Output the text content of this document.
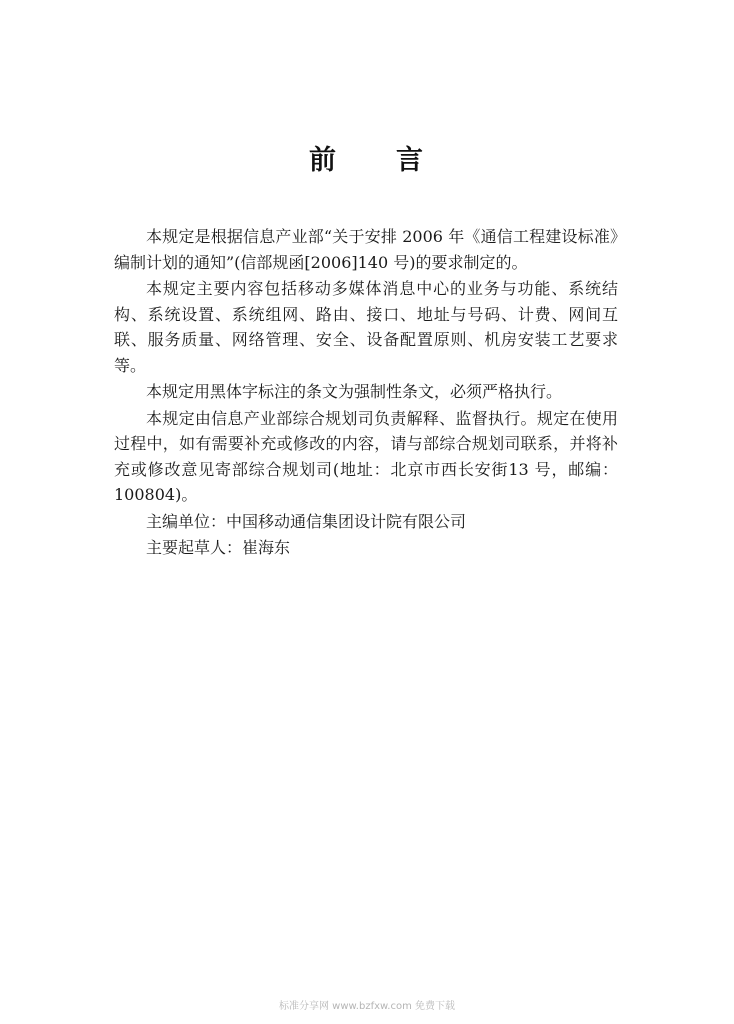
前 言

本规定是根据信息产业部“关于安排 2006 年《通信工程建设标准》编制计划的通知”(信部规函[2006]140 号)的要求制定的。

本规定主要内容包括移动多媒体消息中心的业务与功能、系统结构、系统设置、系统组网、路由、接口、地址与号码、计费、网间互联、服务质量、网络管理、安全、设备配置原则、机房安装工艺要求等。

本规定用黑体字标注的条文为强制性条文，必须严格执行。

本规定由信息产业部综合规划司负责解释、监督执行。规定在使用过程中，如有需要补充或修改的内容，请与部综合规划司联系，并将补充或修改意见寄部综合规划司(地址：北京市西长安街13 号，邮编：100804)。

主编单位：中国移动通信集团设计院有限公司

主要起草人：崔海东

标准分享网 www.bzfxw.com 免费下载
